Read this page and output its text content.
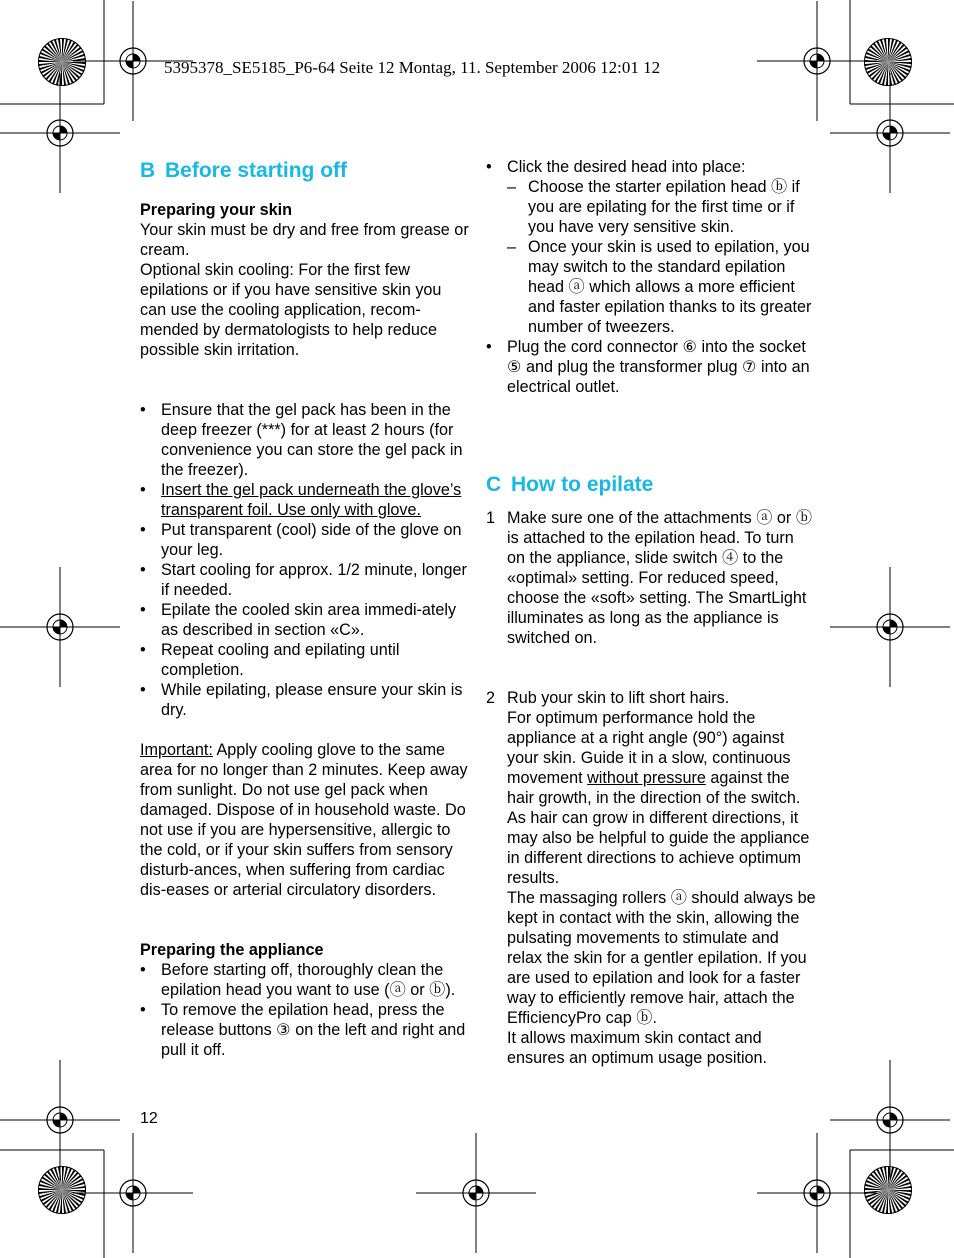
5395378_SE5185_P6-64 Seite 12 Montag, 11. September 2006 12:01 12
B Before starting off

Preparing your skin

Your skin must be dry and free from grease or cream.

Optional skin cooling: For the first few epilations or if you have sensitive skin you can use the cooling application, recom-mended by dermatologists to help reduce possible skin irritation.

• Ensure that the gel pack has been in the deep freezer (***) for at least 2 hours (for convenience you can store the gel pack in the freezer).
• Insert the gel pack underneath the glove’s transparent foil. Use only with glove.
• Put transparent (cool) side of the glove on your leg.
• Start cooling for approx. 1/2 minute, longer if needed.
• Epilate the cooled skin area immedi-ately as described in section «C».
• Repeat cooling and epilating until completion.
• While epilating, please ensure your skin is dry.

Important: Apply cooling glove to the same area for no longer than 2 minutes. Keep away from sunlight. Do not use gel pack when damaged. Dispose of in household waste. Do not use if you are hypersensitive, allergic to the cold, or if your skin suffers from sensory disturb-ances, when suffering from cardiac dis-eases or arterial circulatory disorders.

Preparing the appliance

• Before starting off, thoroughly clean the epilation head you want to use (ⓐ or ⓑ).
• To remove the epilation head, press the release buttons ③ on the left and right and pull it off.
• Click the desired head into place:
– Choose the starter epilation head ⓑ if you are epilating for the first time or if you have very sensitive skin.
– Once your skin is used to epilation, you may switch to the standard epilation head ⓐ which allows a more efficient and faster epilation thanks to its greater number of tweezers.
• Plug the cord connector ⑥ into the socket ⑤ and plug the transformer plug ⑦ into an electrical outlet.
C How to epilate
1 Make sure one of the attachments ⓐ or ⓑ is attached to the epilation head. To turn on the appliance, slide switch ④ to the «optimal» setting. For reduced speed, choose the «soft» setting. The SmartLight illuminates as long as the appliance is switched on.
2 Rub your skin to lift short hairs.

For optimum performance hold the appliance at a right angle (90°) against your skin. Guide it in a slow, continuous movement without pressure against the hair growth, in the direction of the switch.

As hair can grow in different directions, it may also be helpful to guide the appliance in different directions to achieve optimum results.

The massaging rollers ⓐ should always be kept in contact with the skin, allowing the pulsating movements to stimulate and relax the skin for a gentler epilation. If you are used to epilation and look for a faster way to efficiently remove hair, attach the EfficiencyPro cap ⓑ.

It allows maximum skin contact and ensures an optimum usage position.

12
